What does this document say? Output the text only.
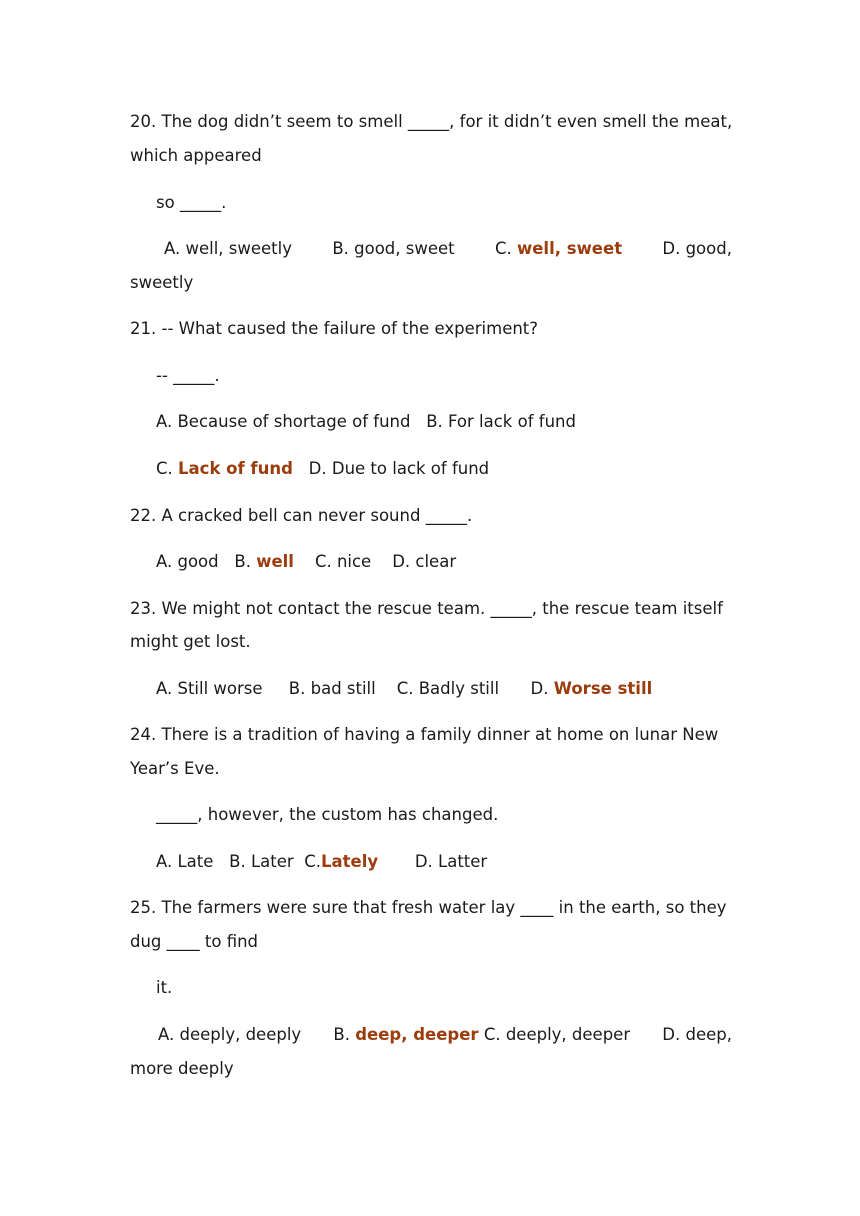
20. The dog didn’t seem to smell _____, for it didn’t even smell the meat,
which appeared
so _____.
A. well, sweetly B. good, sweet C. well, sweet D. good,
sweetly
21. -- What caused the failure of the experiment?
-- _____.
A. Because of shortage of fund   B. For lack of fund
C. Lack of fund D. Due to lack of fund
22. A cracked bell can never sound _____.
A. good B. well C. nice D. clear
23. We might not contact the rescue team. _____, the rescue team itself
might get lost.
A. Still worse B. bad still C. Badly still D. Worse still
24. There is a tradition of having a family dinner at home on lunar New
Year’s Eve.
_____, however, the custom has changed.
A. Late B. Later C.Lately D. Latter
25. The farmers were sure that fresh water lay ____ in the earth, so they
dug ____ to find
it.
A. deeply, deeply B. deep, deeper C. deeply, deeper D. deep,
more deeply
